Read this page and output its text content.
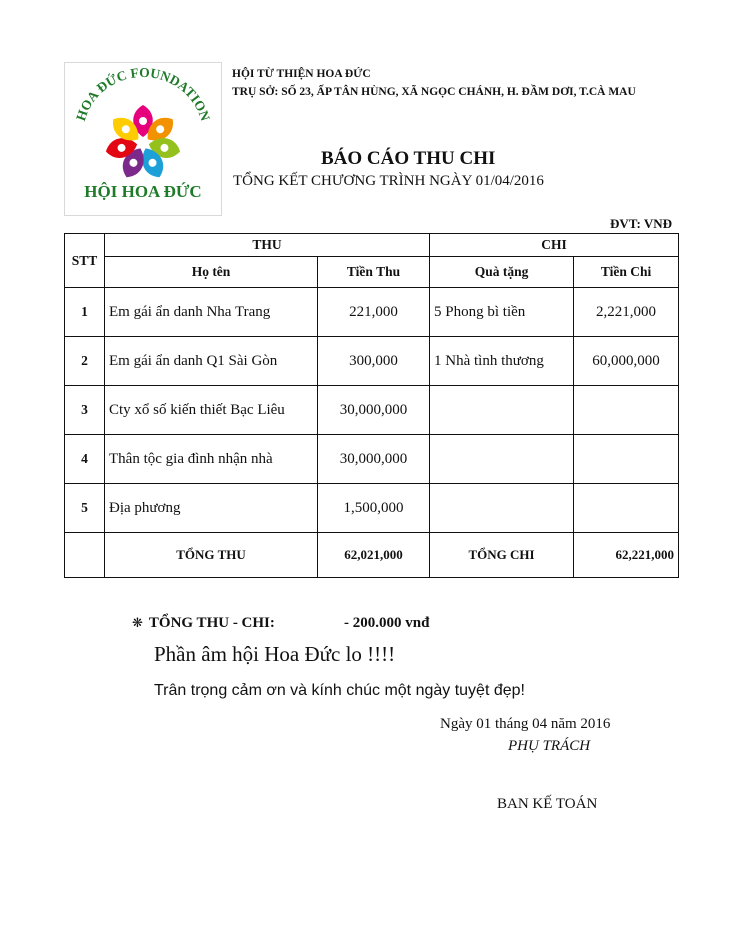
HOA ĐỨC FOUNDATION
HỘI HOA ĐỨC
HỘI TỪ THIỆN HOA ĐỨC
TRỤ SỞ: SỐ 23, ẤP TÂN HÙNG, XÃ NGỌC CHÁNH, H. ĐẦM DƠI, T.CÀ MAU
BÁO CÁO THU CHI
TỔNG KẾT CHƯƠNG TRÌNH NGÀY 01/04/2016
ĐVT: VNĐ
STT	THU		CHI	
	Họ tên	Tiền Thu	Quà tặng	Tiền Chi
1	Em gái ẩn danh Nha Trang	221,000	5 Phong bì tiền	2,221,000
2	Em gái ẩn danh Q1 Sài Gòn	300,000	1 Nhà tình thương	60,000,000
3	Cty xổ số kiến thiết Bạc Liêu	30,000,000		
4	Thân tộc gia đình nhận nhà	30,000,000		
5	Địa phương	1,500,000		
	TỔNG THU	62,021,000	TỔNG CHI	62,221,000
❋ TỔNG THU - CHI:	- 200.000 vnđ
Phần âm hội Hoa Đức lo !!!!
Trân trọng cảm ơn và kính chúc một ngày tuyệt đẹp!
Ngày 01 tháng 04 năm 2016
PHỤ TRÁCH
BAN KẾ TOÁN
